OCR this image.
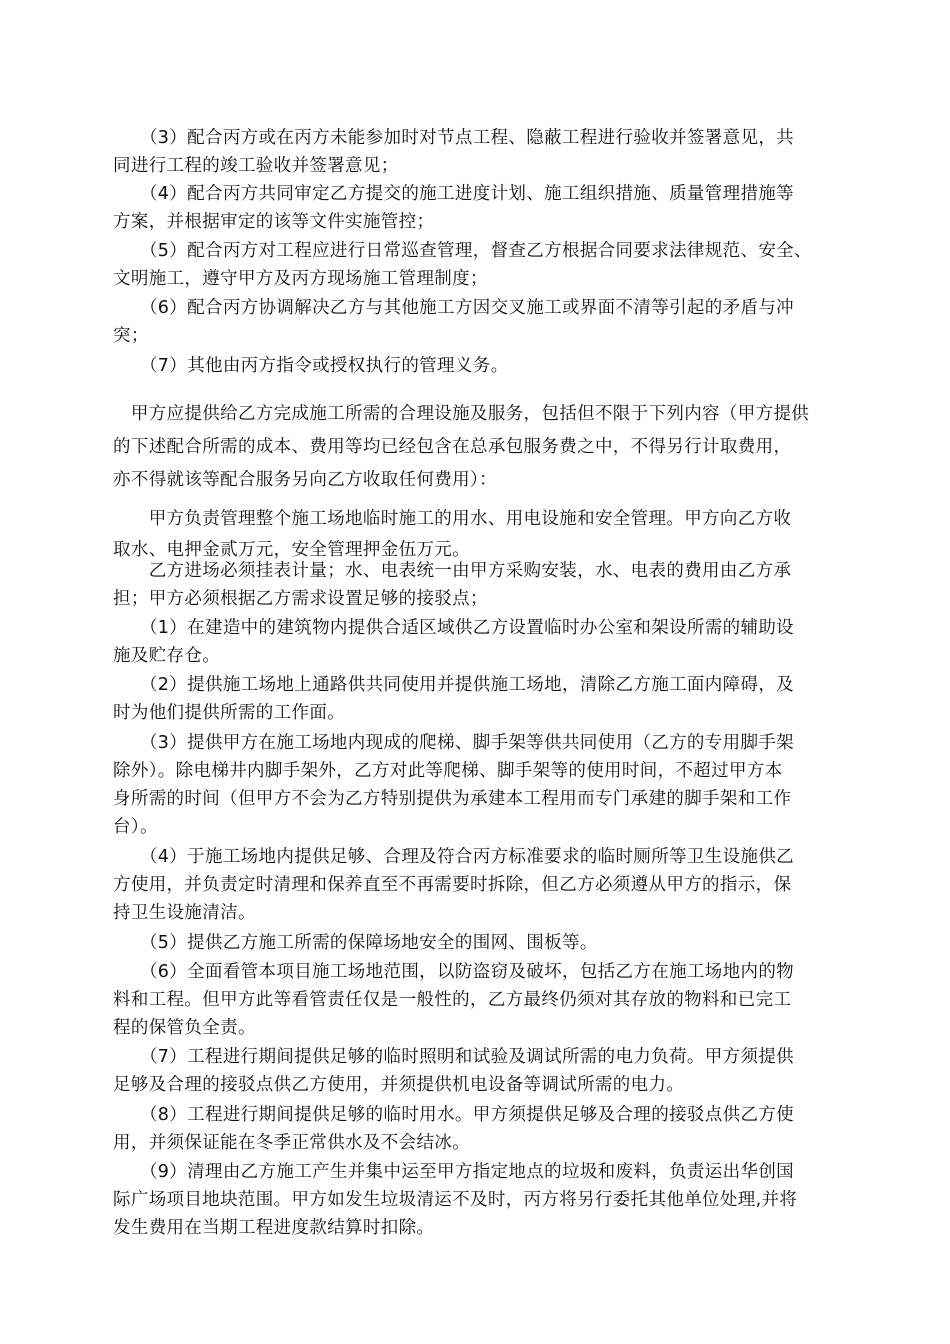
　　（3）配合丙方或在丙方未能参加时对节点工程、隐蔽工程进行验收并签署意见，共
同进行工程的竣工验收并签署意见；
　　（4）配合丙方共同审定乙方提交的施工进度计划、施工组织措施、质量管理措施等
方案，并根据审定的该等文件实施管控；
　　（5）配合丙方对工程应进行日常巡查管理，督查乙方根据合同要求法律规范、安全、
文明施工，遵守甲方及丙方现场施工管理制度；
　　（6）配合丙方协调解决乙方与其他施工方因交叉施工或界面不清等引起的矛盾与冲
突；
　　（7）其他由丙方指令或授权执行的管理义务。
　甲方应提供给乙方完成施工所需的合理设施及服务，包括但不限于下列内容（甲方提供
的下述配合所需的成本、费用等均已经包含在总承包服务费之中，不得另行计取费用，
亦不得就该等配合服务另向乙方收取任何费用）：
　　甲方负责管理整个施工场地临时施工的用水、用电设施和安全管理。甲方向乙方收
取水、电押金贰万元，安全管理押金伍万元。
　　乙方进场必须挂表计量；水、电表统一由甲方采购安装，水、电表的费用由乙方承
担；甲方必须根据乙方需求设置足够的接驳点；
　　（1）在建造中的建筑物内提供合适区域供乙方设置临时办公室和架设所需的辅助设
施及贮存仓。
　　（2）提供施工场地上通路供共同使用并提供施工场地，清除乙方施工面内障碍，及
时为他们提供所需的工作面。
　　（3）提供甲方在施工场地内现成的爬梯、脚手架等供共同使用（乙方的专用脚手架
除外）。除电梯井内脚手架外，乙方对此等爬梯、脚手架等的使用时间，不超过甲方本
身所需的时间（但甲方不会为乙方特别提供为承建本工程用而专门承建的脚手架和工作
台）。
　　（4）于施工场地内提供足够、合理及符合丙方标准要求的临时厕所等卫生设施供乙
方使用，并负责定时清理和保养直至不再需要时拆除，但乙方必须遵从甲方的指示，保
持卫生设施清洁。
　　（5）提供乙方施工所需的保障场地安全的围网、围板等。
　　（6）全面看管本项目施工场地范围，以防盗窃及破坏，包括乙方在施工场地内的物
料和工程。但甲方此等看管责任仅是一般性的，乙方最终仍须对其存放的物料和已完工
程的保管负全责。
　　（7）工程进行期间提供足够的临时照明和试验及调试所需的电力负荷。甲方须提供
足够及合理的接驳点供乙方使用，并须提供机电设备等调试所需的电力。
　　（8）工程进行期间提供足够的临时用水。甲方须提供足够及合理的接驳点供乙方使
用，并须保证能在冬季正常供水及不会结冰。
　　（9）清理由乙方施工产生并集中运至甲方指定地点的垃圾和废料，负责运出华创国
际广场项目地块范围。甲方如发生垃圾清运不及时，丙方将另行委托其他单位处理,并将
发生费用在当期工程进度款结算时扣除。
